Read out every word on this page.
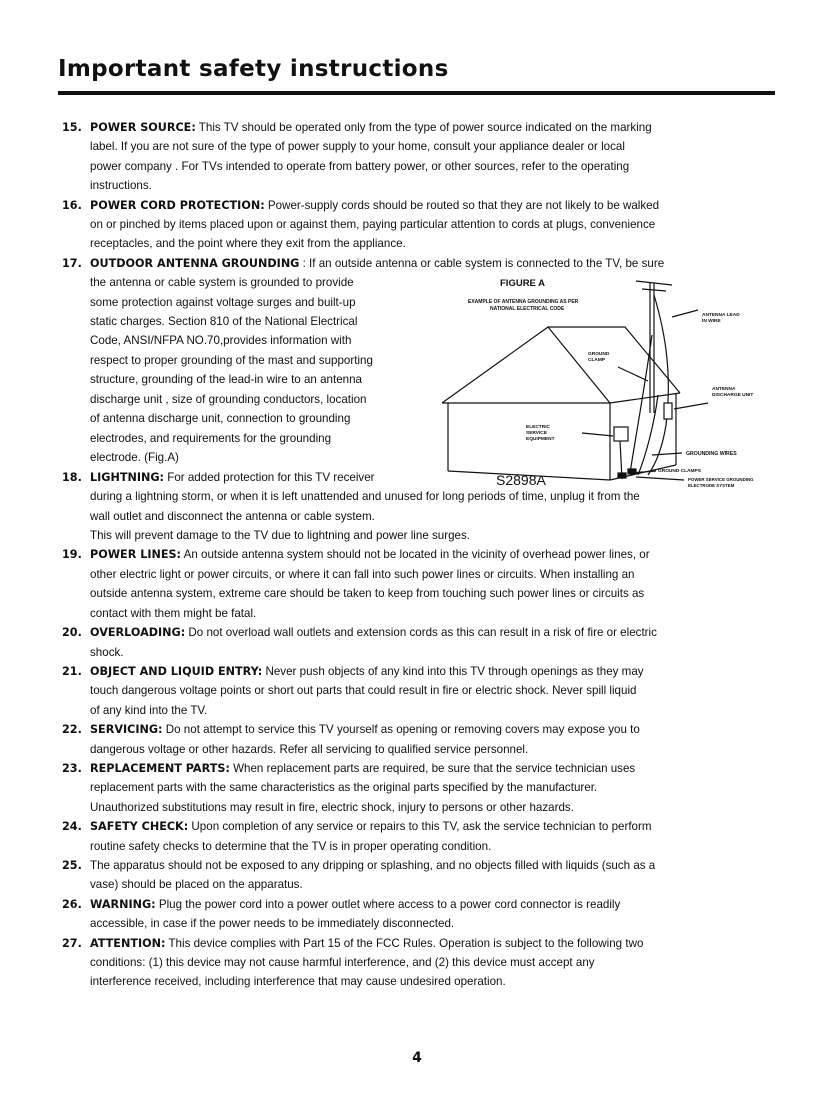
Important safety instructions
15. POWER SOURCE: This TV should be operated only from the type of power source indicated on the marking
label. If you are not sure of the type of power supply to your home, consult your appliance dealer or local
power company . For TVs intended to operate from battery power, or other sources, refer to the operating
instructions.
16. POWER CORD PROTECTION: Power-supply cords should be routed so that they are not likely to be walked
on or pinched by items placed upon or against them, paying particular attention to cords at plugs, convenience
receptacles, and the point where they exit from the appliance.
17. OUTDOOR ANTENNA GROUNDING : If an outside antenna or cable system is connected to the TV, be sure
the antenna or cable system is grounded to provide
some protection against voltage surges and built-up
static charges. Section 810 of the National Electrical
Code, ANSI/NFPA NO.70,provides information with
respect to proper grounding of the mast and supporting
structure, grounding of the lead-in wire to an antenna
discharge unit , size of grounding conductors, location
of antenna discharge unit, connection to grounding
electrodes, and requirements for the grounding
electrode. (Fig.A)
18. LIGHTNING: For added protection for this TV receiver
during a lightning storm, or when it is left unattended and unused for long periods of time, unplug it from the
wall outlet and disconnect the antenna or cable system.
This will prevent damage to the TV due to lightning and power line surges.
19. POWER LINES: An outside antenna system should not be located in the vicinity of overhead power lines, or
other electric light or power circuits, or where it can fall into such power lines or circuits. When installing an
outside antenna system, extreme care should be taken to keep from touching such power lines or circuits as
contact with them might be fatal.
20. OVERLOADING: Do not overload wall outlets and extension cords as this can result in a risk of fire or electric
shock.
21. OBJECT AND LIQUID ENTRY: Never push objects of any kind into this TV through openings as they may
touch dangerous voltage points or short out parts that could result in fire or electric shock. Never spill liquid
of any kind into the TV.
22. SERVICING: Do not attempt to service this TV yourself as opening or removing covers may expose you to
dangerous voltage or other hazards. Refer all servicing to qualified service personnel.
23. REPLACEMENT PARTS: When replacement parts are required, be sure that the service technician uses
replacement parts with the same characteristics as the original parts specified by the manufacturer.
Unauthorized substitutions may result in fire, electric shock, injury to persons or other hazards.
24. SAFETY CHECK: Upon completion of any service or repairs to this TV, ask the service technician to perform
routine safety checks to determine that the TV is in proper operating condition.
25. The apparatus should not be exposed to any dripping or splashing, and no objects filled with liquids (such as a
vase) should be placed on the apparatus.
26. WARNING: Plug the power cord into a power outlet where access to a power cord connector is readily
accessible, in case if the power needs to be immediately disconnected.
27. ATTENTION: This device complies with Part 15 of the FCC Rules. Operation is subject to the following two
conditions: (1) this device may not cause harmful interference, and (2) this device must accept any
interference received, including interference that may cause undesired operation.
FIGURE A
EXAMPLE OF ANTENNA GROUNDING AS PER
NATIONAL ELECTRICAL CODE
ANTENNA LEAD
IN WIRE
GROUND
CLAMP
ANTENNA
DISCHARGE UNIT
ELECTRIC
SERVICE
EQUIPMENT
GROUNDING WIRES
GROUND CLAMPS
POWER SERVICE GROUNDING
ELECTRODE SYSTEM
S2898A
4
